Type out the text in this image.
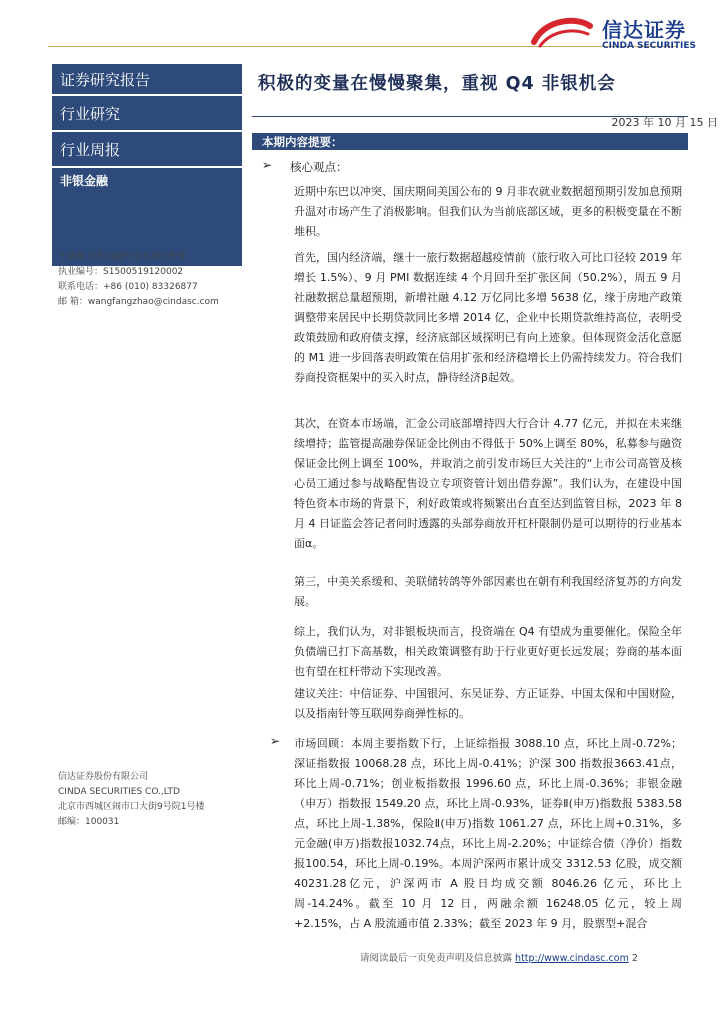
信达证券
CINDA SECURITIES
证券研究报告
行业研究
行业周报
非银金融
王舫朝 非银金融行业首席分析师
执业编号：S1500519120002
联系电话：+86 (010) 83326877
邮 箱：wangfangzhao@cindasc.com
信达证券股份有限公司
CINDA SECURITIES CO.,LTD
北京市西城区闹市口大街9号院1号楼
邮编：100031
积极的变量在慢慢聚集，重视 Q4 非银机会
2023 年 10 月 15 日
本期内容提要：
➢ 核心观点：

近期中东巴以冲突、国庆期间美国公布的 9 月非农就业数据超预期引发加息预期升温对市场产生了消极影响。但我们认为当前底部区域，更多的积极变量在不断堆积。

首先，国内经济端，继十一旅行数据超越疫情前（旅行收入可比口径较 2019 年增长 1.5%）、9 月 PMI 数据连续 4 个月回升至扩张区间（50.2%），周五 9 月社融数据总量超预期，新增社融 4.12 万亿同比多增 5638 亿，缘于房地产政策调整带来居民中长期贷款同比多增 2014 亿，企业中长期贷款维持高位，表明受政策鼓励和政府债支撑，经济底部区域探明已有向上迹象。但体现资金活化意愿的 M1 进一步回落表明政策在信用扩张和经济稳增长上仍需持续发力。符合我们券商投资框架中的买入时点，静待经济β起效。

其次，在资本市场端，汇金公司底部增持四大行合计 4.77 亿元，并拟在未来继续增持；监管提高融券保证金比例由不得低于 50%上调至 80%，私募参与融资保证金比例上调至 100%，并取消之前引发市场巨大关注的“上市公司高管及核心员工通过参与战略配售设立专项资管计划出借券源”。我们认为，在建设中国特色资本市场的背景下，利好政策或将频繁出台直至达到监管目标，2023 年 8 月 4 日证监会答记者问时透露的头部券商放开杠杆限制仍是可以期待的行业基本面α。

第三，中美关系缓和、美联储转鸽等外部因素也在朝有利我国经济复苏的方向发展。

综上，我们认为，对非银板块而言，投资端在 Q4 有望成为重要催化。保险全年负债端已打下高基数，相关政策调整有助于行业更好更长远发展；券商的基本面也有望在杠杆带动下实现改善。

建议关注：中信证券、中国银河、东吴证券、方正证券、中国太保和中国财险，以及指南针等互联网券商弹性标的。

➢ 市场回顾：本周主要指数下行，上证综指报 3088.10 点，环比上周-0.72%；深证指数报 10068.28 点，环比上周-0.41%；沪深 300 指数报3663.41点，环比上周-0.71%；创业板指数报 1996.60 点，环比上周-0.36%；非银金融（申万）指数报 1549.20 点，环比上周-0.93%，证券Ⅱ(申万)指数报 5383.58 点，环比上周-1.38%，保险Ⅱ(申万)指数 1061.27 点，环比上周+0.31%，多元金融(申万)指数报1032.74点，环比上周-2.20%；中证综合债（净价）指数报100.54，环比上周-0.19%。本周沪深两市累计成交 3312.53 亿股，成交额40231.28亿元，沪深两市 A 股日均成交额 8046.26 亿元，环比上周-14.24%。截至 10 月 12 日，两融余额 16248.05 亿元，较上周+2.15%，占 A 股流通市值 2.33%；截至 2023 年 9 月，股票型+混合

请阅读最后一页免责声明及信息披露 http://www.cindasc.com 2
